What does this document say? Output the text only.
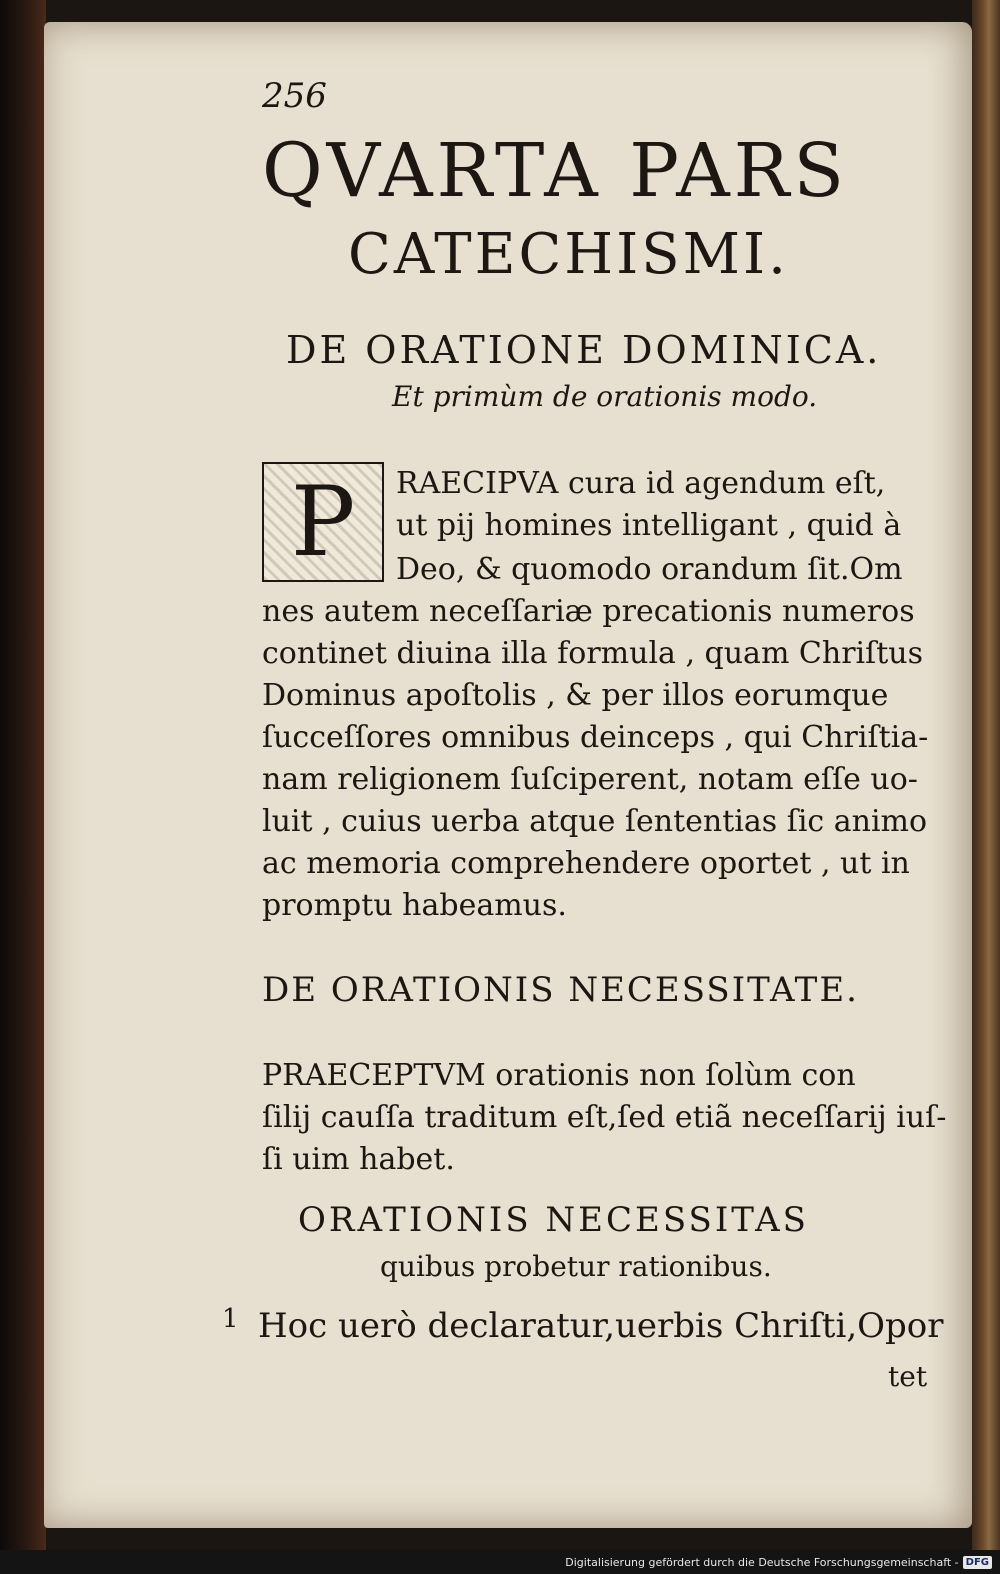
256
QVARTA PARS
CATECHISMI.
DE ORATIONE DOMINICA.
Et primùm de orationis modo.
P	RAECIPVA cura id agendum eſt,
ut pij homines intelligant , quid à
Deo, & quomodo orandum ſit.Om
nes autem neceſſariæ precationis numeros
continet diuina illa formula , quam Chriſtus
Dominus apoſtolis , & per illos eorumque
ſucceſſores omnibus deinceps , qui Chriſtia-
nam religionem ſuſciperent, notam eſſe uo-
luit , cuius uerba atque ſententias ſic animo
ac memoria comprehendere oportet , ut in
promptu habeamus.
DE ORATIONIS NECESSITATE.
PRAECEPTVM orationis non ſolùm con
ſilij cauſſa traditum eſt,ſed etiã neceſſarij iuſ-
ſi uim habet.
ORATIONIS NECESSITAS
quibus probetur rationibus.
1 Hoc uerò declaratur,uerbis Chriſti,Opor
tet
Digitalisierung gefördert durch die Deutsche Forschungsgemeinschaft - DFG
